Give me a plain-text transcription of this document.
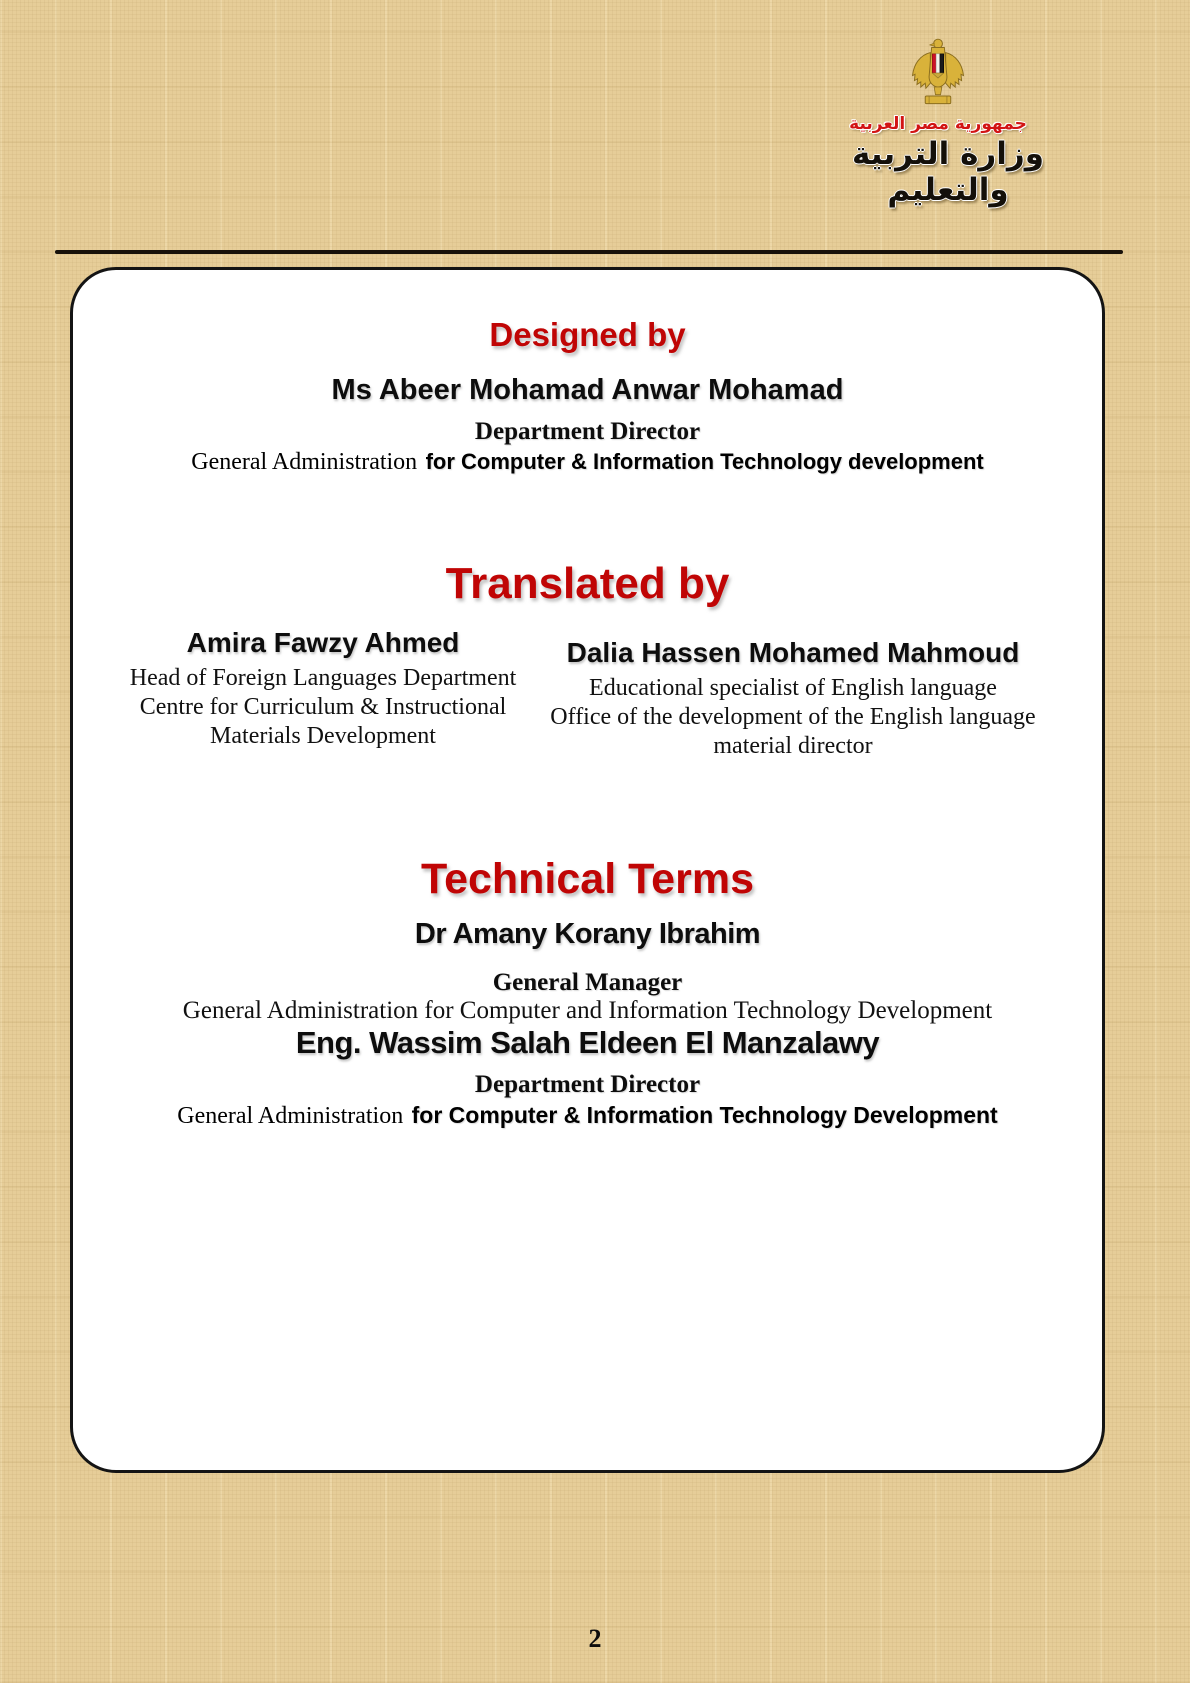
جمهورية مصر العربية
وزارة التربية والتعليم
Designed by
Ms Abeer Mohamad Anwar Mohamad
Department Director
General Administration for Computer & Information Technology development
Translated by
Amira Fawzy Ahmed
Head of Foreign Languages Department
Centre for Curriculum & Instructional
Materials Development
Dalia Hassen Mohamed Mahmoud
Educational specialist of English language
Office of the development of the English language
material director
Technical Terms
Dr Amany Korany Ibrahim
General Manager
General Administration for Computer and Information Technology Development
Eng. Wassim Salah Eldeen El Manzalawy
Department Director
General Administration for Computer & Information Technology Development
2
